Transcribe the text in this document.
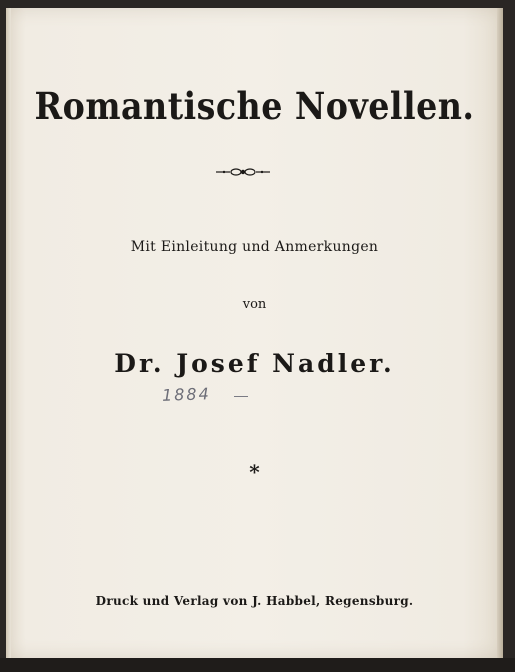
Romantische Novellen.
Mit Einleitung und Anmerkungen
von
Dr. Josef Nadler.
1884
*
Druck und Verlag von J. Habbel, Regensburg.
